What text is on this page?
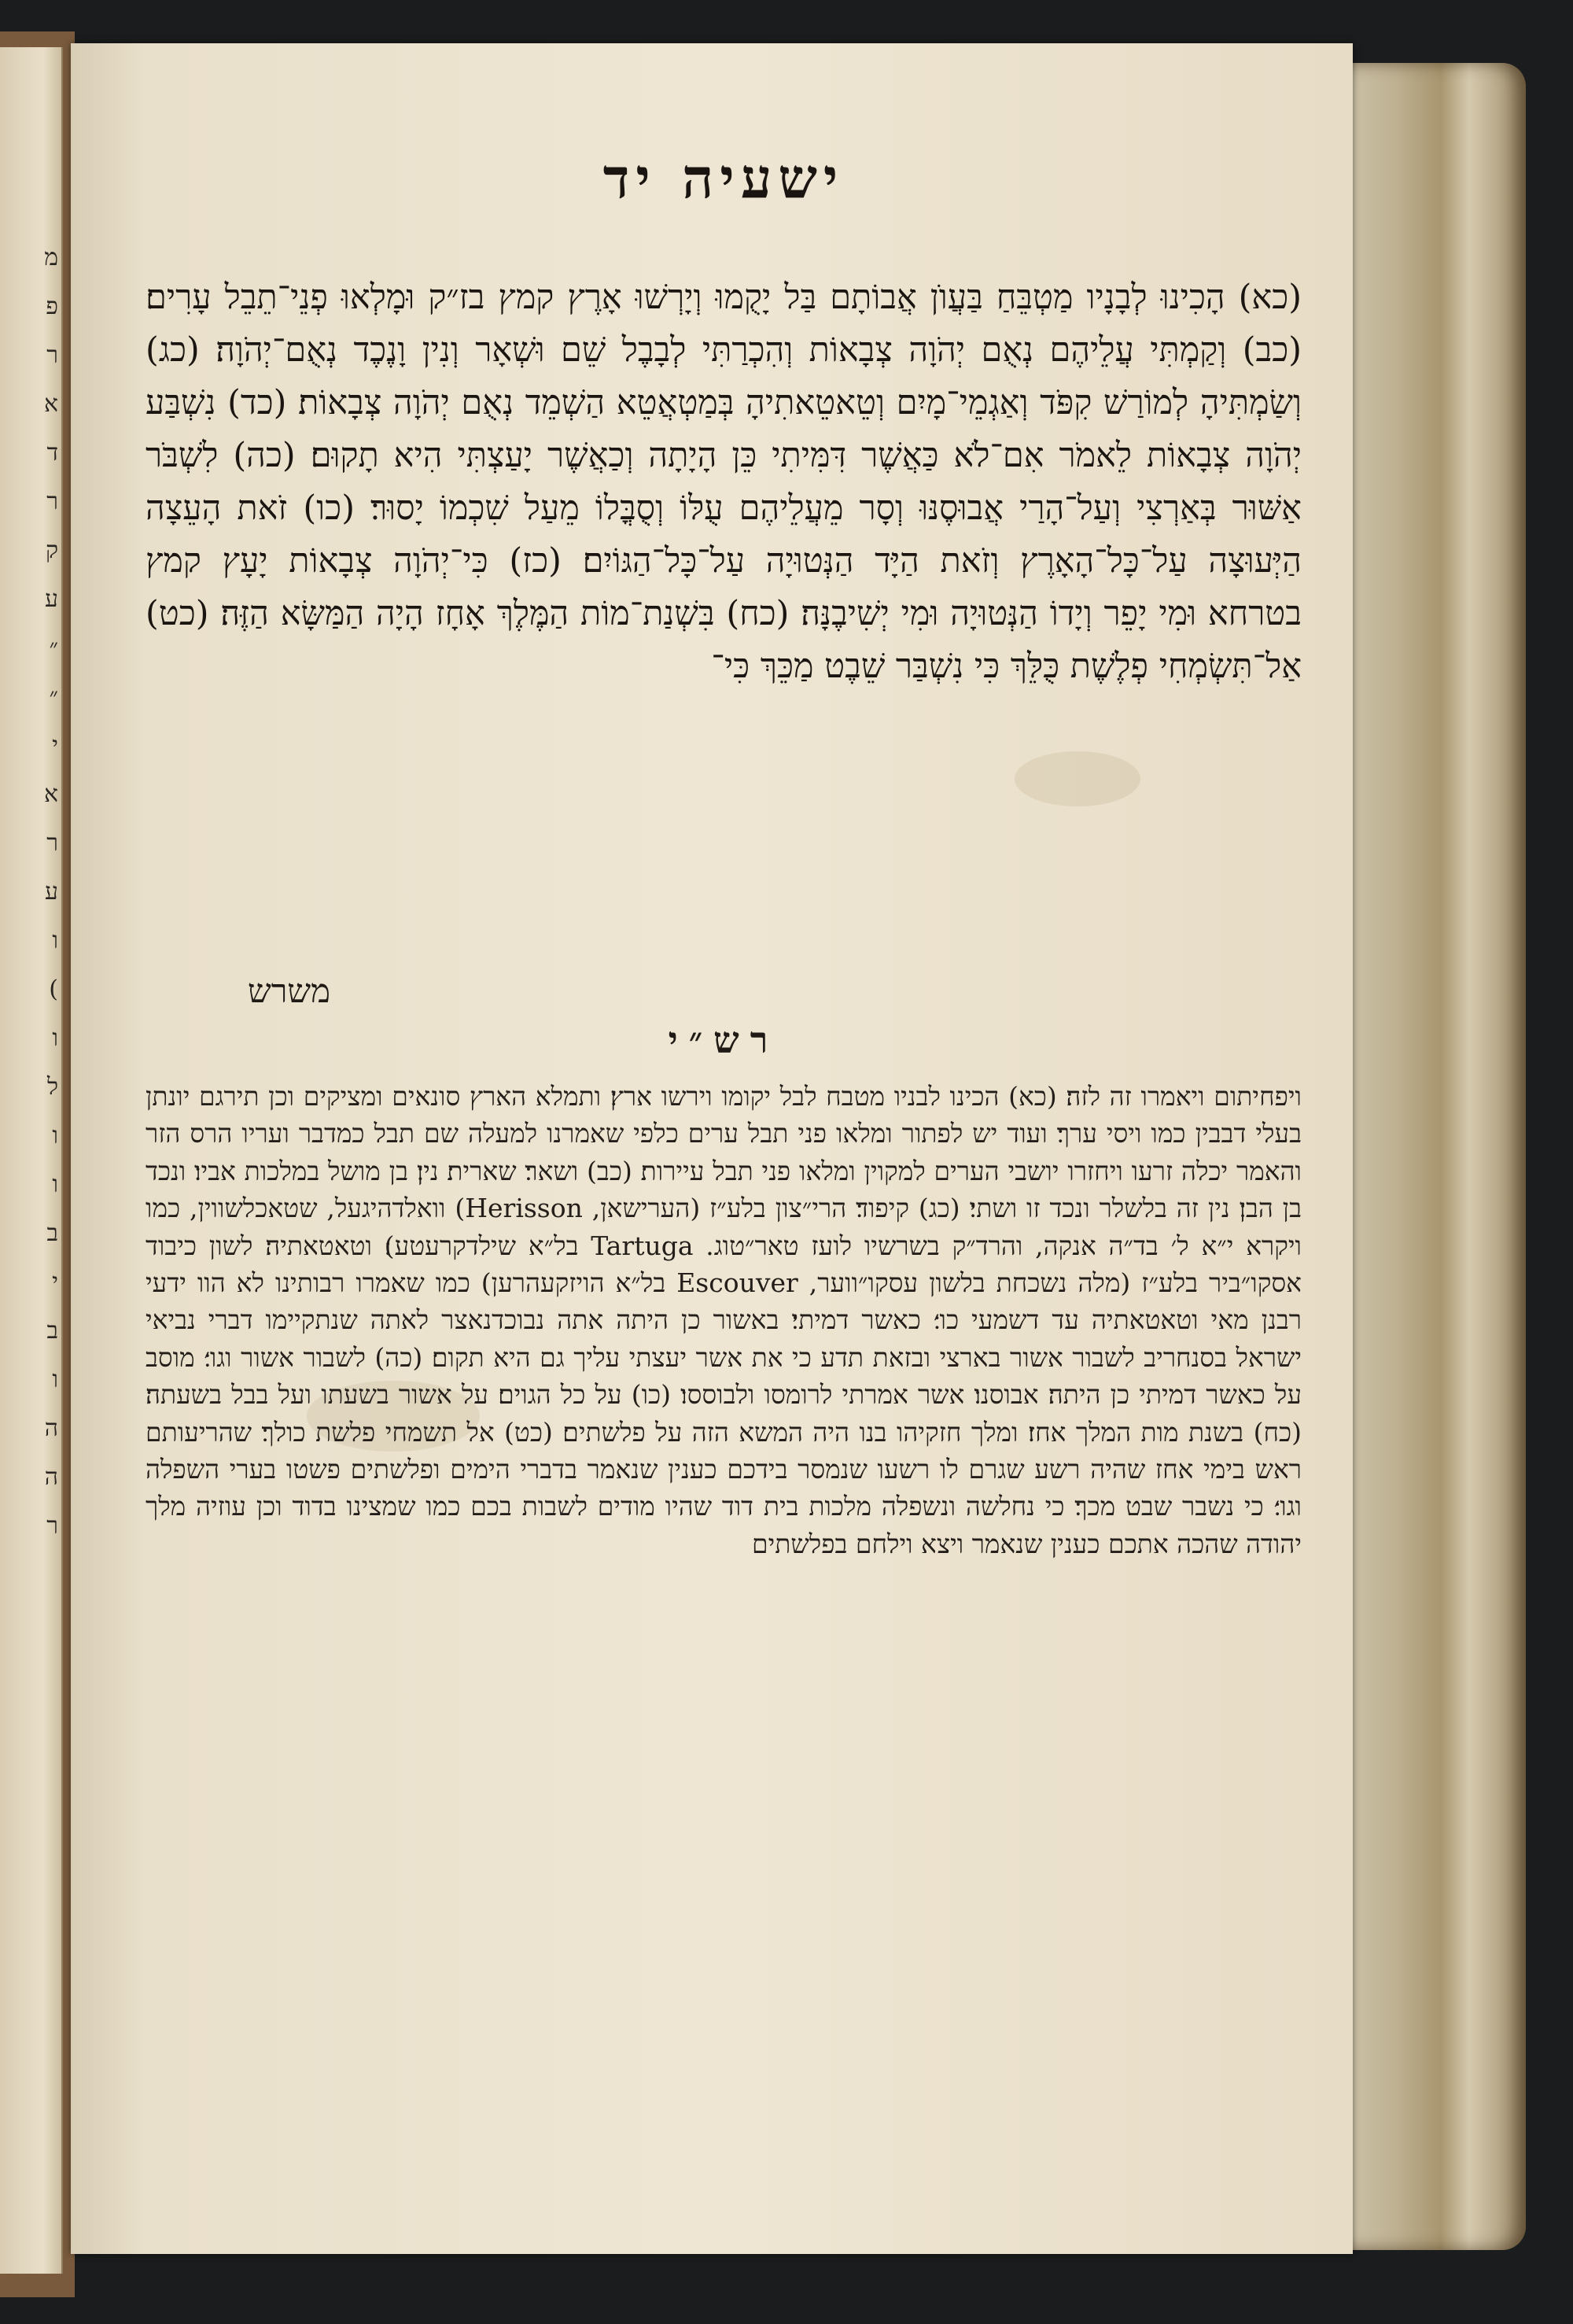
מ
פ
ר
א
ד
ר
ק
ע
״
״
י
א
ר
ע
ו
(
ו
ל
ו
ו
ב
י
ב
ו
ה
ה
ר
ישעיה יד
(כא) הָכִינוּ לְבָנָיו מַטְבֵּחַ בַּעֲוֺן אֲבוֹתָם בַּל יָקֻמוּ וְיָרְשׁוּ אָרֶץ קמץ בז״ק וּמָלְאוּ פְנֵי־תֵבֵל עָרִים׃ (כב) וְקַמְתִּי עֲלֵיהֶם נְאֻם יְהֹוָה צְבָאוֹת וְהִכְרַתִּי לְבָבֶל שֵׁם וּשְׁאָר וְנִין וָנֶכֶד נְאֻם־יְהֹוָה׃ (כג) וְשַׂמְתִּיהָ לְמוֹרַשׁ קִפֹּד וְאַגְמֵי־מָיִם וְטֵאטֵאתִיהָ בְּמַטְאֲטֵא הַשְׁמֵד נְאֻם יְהֹוָה צְבָאוֹת׃ (כד) נִשְׁבַּע יְהֹוָה צְבָאוֹת לֵאמֹר אִם־לֹא כַּאֲשֶׁר דִּמִּיתִי כֵּן הָיָתָה וְכַאֲשֶׁר יָעַצְתִּי הִיא תָקוּם׃ (כה) לִשְׁבֹּר אַשּׁוּר בְּאַרְצִי וְעַל־הָרַי אֲבוּסֶנּוּ וְסָר מֵעֲלֵיהֶם עֻלּוֹ וְסֻבֳּלוֹ מֵעַל שִׁכְמוֹ יָסוּר׃ (כו) זֹאת הָעֵצָה הַיְּעוּצָה עַל־כָּל־הָאָרֶץ וְזֹאת הַיָּד הַנְּטוּיָה עַל־כָּל־הַגּוֹיִם׃ (כז) כִּי־יְהֹוָה צְבָאוֹת יָעָץ קמץ בטרחא וּמִי יָפֵר וְיָדוֹ הַנְּטוּיָה וּמִי יְשִׁיבֶנָּה׃ (כח) בִּשְׁנַת־מוֹת הַמֶּלֶךְ אָחָז הָיָה הַמַּשָּׂא הַזֶּה׃ (כט) אַל־תִּשְׂמְחִי פְלֶשֶׁת כֻּלֵּךְ כִּי נִשְׁבַּר שֵׁבֶט מַכֵּךְ כִּי־
משרש
רש״י
ויפחיתום ויאמרו זה לזה׃ (כא) הכינו לבניו מטבח לבל יקומו וירשו ארץ׃ ותמלא הארץ סונאים ומציקים וכן תירגם יונתן בעלי דבבין כמו ויסי ערך׃ ועוד יש לפתור ומלאו פני תבל ערים כלפי שאמרנו למעלה שם תבל כמדבר ועריו הרס הזר והאמר יכלה זרעו ויחזרו יושבי הערים למקוין ומלאו פני תבל עיירות׃ (כב) ושאר׃ שארית׃ נין׃ בן מושל במלכות אביו׃ ונכד בן הבן׃ נין זה בלשלר ונכד זו ושתי׃ (כג) קיפוד׃ הרי״צון בלע״ז (הערישאן, Herisson) וואלדהיגעל, שטאכלשווין, כמו ויקרא י״א ל׳ בד״ה אנקה, והרד״ק בשרשיו לועז טאר״טוג. Tartuga בל״א שילדקרעטע)׃ וטאטאתיה׃ לשון כיבוד אסקו״ביר בלע״ז (מלה נשכחת בלשון עסקו״ווער, Escouver בל״א הויזקעהרען) כמו שאמרו רבותינו לא הוו ידעי רבנן מאי וטאטאתיה עד דשמעי כו׳׃ כאשר דמיתי׃ באשור כן היתה אתה נבוכדנאצר לאתה שנתקיימו דברי נביאי ישראל בסנחריב לשבור אשור בארצי ובזאת תדע כי את אשר יעצתי עליך גם היא תקום׃ (כה) לשבור אשור וגו׳׃ מוסב על כאשר דמיתי כן היתה׃ אבוסנו׃ אשר אמרתי לרומסו ולבוססו׃ (כו) על כל הגוים׃ על אשור בשעתו ועל בבל בשעתה׃ (כח) בשנת מות המלך אחז׃ ומלך חזקיהו בנו היה המשא הזה על פלשתים׃ (כט) אל תשמחי פלשת כולך׃ שהריעותם ראש בימי אחז שהיה רשע שגרם לו רשעו שנמסר בידכם כענין שנאמר בדברי הימים ופלשתים פשטו בערי השפלה וגו׳׃ כי נשבר שבט מכך׃ כי נחלשה ונשפלה מלכות בית דוד שהיו מודים לשבות בכם כמו שמצינו בדוד וכן עוזיה מלך יהודה שהכה אתכם כענין שנאמר ויצא וילחם בפלשתים
